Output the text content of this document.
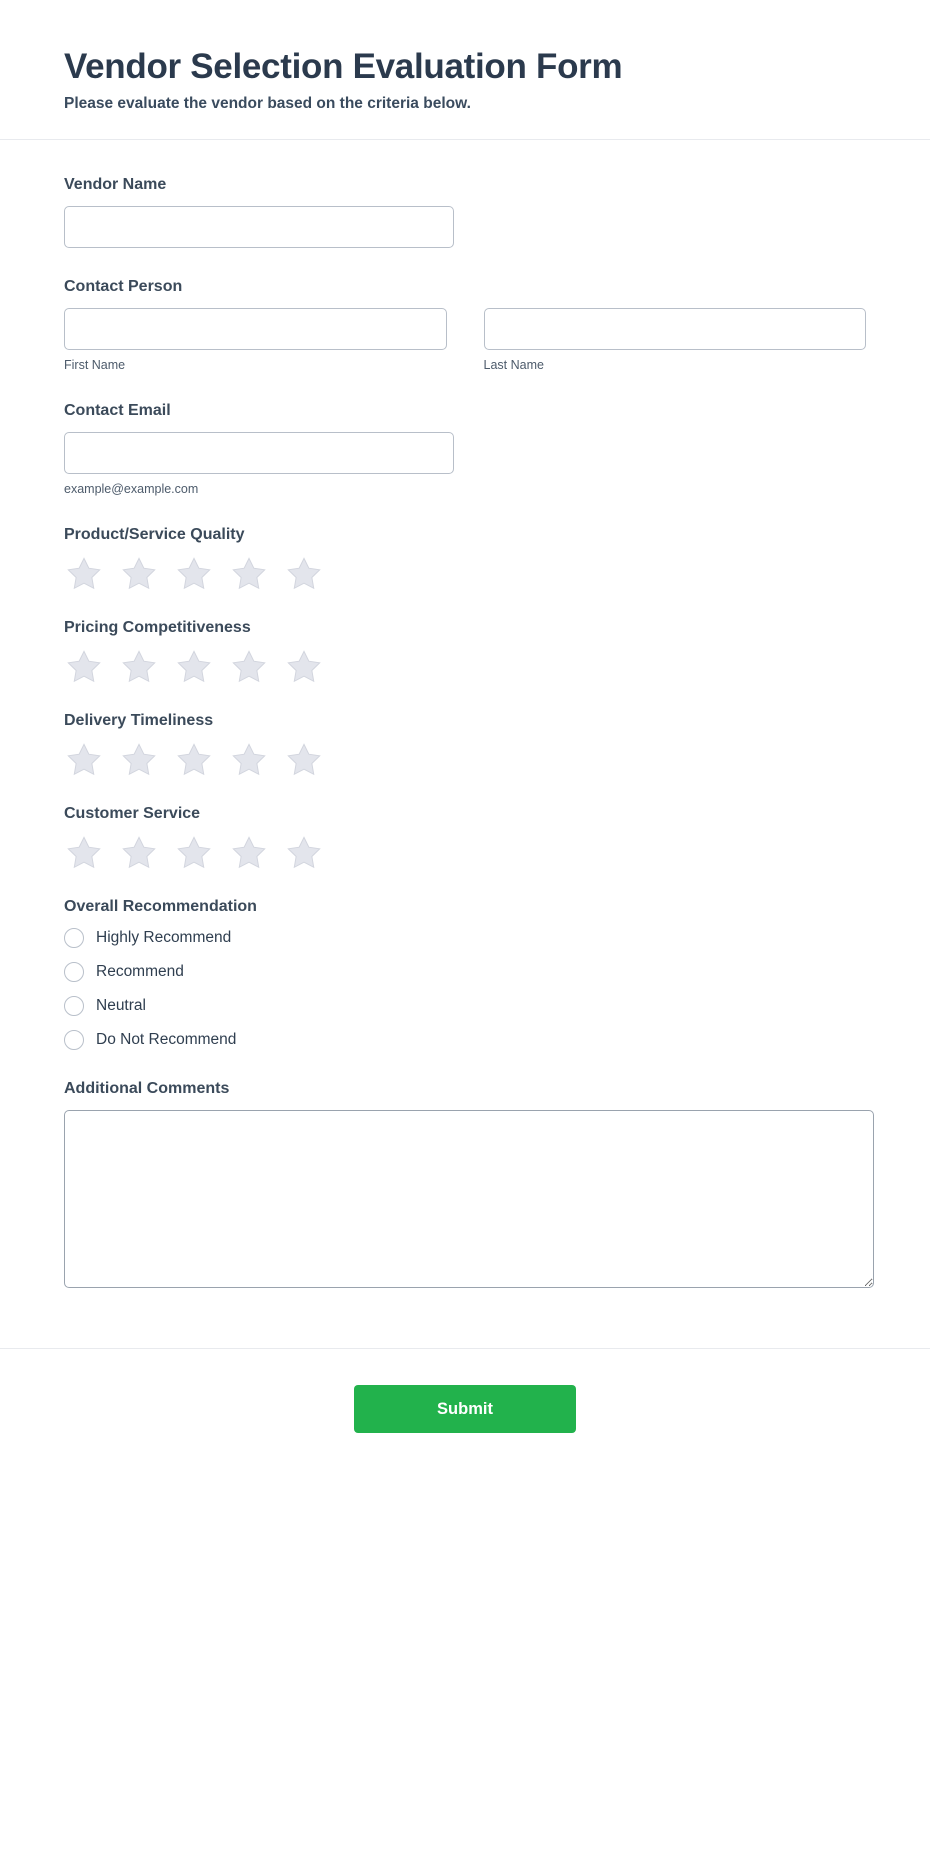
Vendor Selection Evaluation Form

Please evaluate the vendor based on the criteria below.

Vendor Name
Contact Person
First Name	Last Name
Contact Email
example@example.com
Product/Service Quality
Pricing Competitiveness
Delivery Timeliness
Customer Service
Overall Recommendation
Highly Recommend
Recommend
Neutral
Do Not Recommend
Additional Comments
Submit
